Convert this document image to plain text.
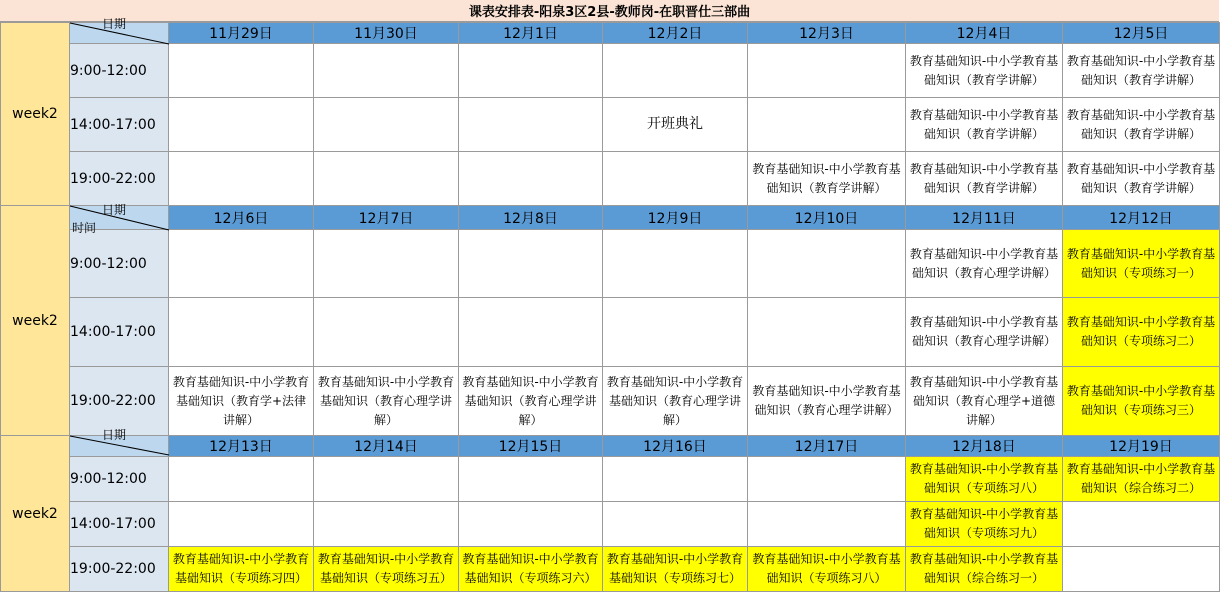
课表安排表-阳泉3区2县-教师岗-在职晋仕三部曲
week2	日期	11月29日	11月30日	12月1日	12月2日	12月3日	12月4日	12月5日
	9:00-12:00						教育基础知识-中小学教育基础知识（教育学讲解）	教育基础知识-中小学教育基础知识（教育学讲解）

	14:00-17:00				开班典礼		教育基础知识-中小学教育基础知识（教育学讲解）	教育基础知识-中小学教育基础知识（教育学讲解）

	19:00-22:00					教育基础知识-中小学教育基础知识（教育学讲解）	教育基础知识-中小学教育基础知识（教育学讲解）	教育基础知识-中小学教育基础知识（教育学讲解）

week2	日期
时间	12月6日	12月7日	12月8日	12月9日	12月10日	12月11日	12月12日
	9:00-12:00						教育基础知识-中小学教育基础知识（教育心理学讲解）	教育基础知识-中小学教育基础知识（专项练习一）

	14:00-17:00						教育基础知识-中小学教育基础知识（教育心理学讲解）	教育基础知识-中小学教育基础知识（专项练习二）

	19:00-22:00	教育基础知识-中小学教育基础知识（教育学+法律讲解）	教育基础知识-中小学教育基础知识（教育心理学讲解）	教育基础知识-中小学教育基础知识（教育心理学讲解）	教育基础知识-中小学教育基础知识（教育心理学讲解）	教育基础知识-中小学教育基础知识（教育心理学讲解）	教育基础知识-中小学教育基础知识（教育心理学+道德讲解）	教育基础知识-中小学教育基础知识（专项练习三）

week2	日期	12月13日	12月14日	12月15日	12月16日	12月17日	12月18日	12月19日
	9:00-12:00						教育基础知识-中小学教育基础知识（专项练习八）	教育基础知识-中小学教育基础知识（综合练习二）

	14:00-17:00						教育基础知识-中小学教育基础知识（专项练习九）	

	19:00-22:00	教育基础知识-中小学教育基础知识（专项练习四）	教育基础知识-中小学教育基础知识（专项练习五）	教育基础知识-中小学教育基础知识（专项练习六）	教育基础知识-中小学教育基础知识（专项练习七）	教育基础知识-中小学教育基础知识（专项练习八）	教育基础知识-中小学教育基础知识（综合练习一）	
